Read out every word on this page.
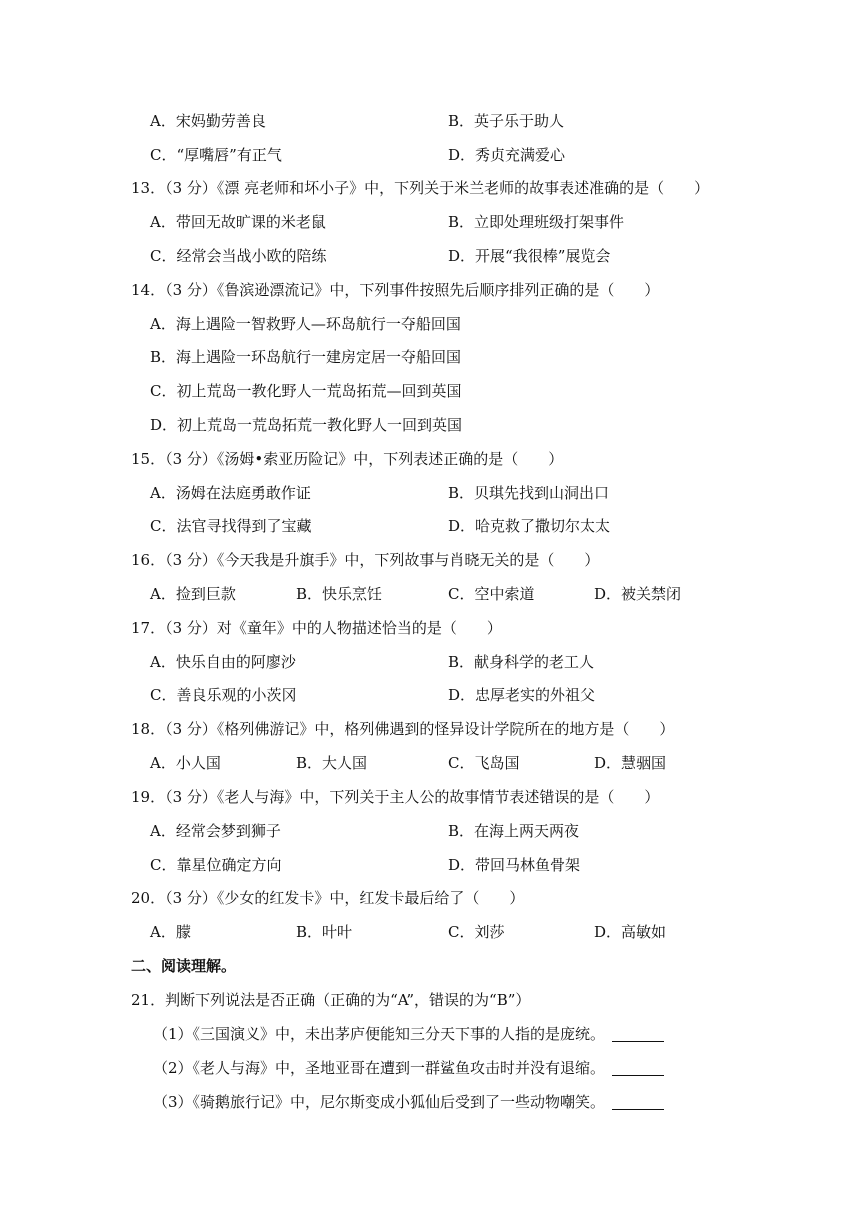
A．宋妈勤劳善良	B．英子乐于助人
C．“厚嘴唇”有正气	D．秀贞充满爱心
13．（3 分）《漂 亮老师和坏小子》中，下列关于米兰老师的故事表述准确的是（　　）
A．带回无故旷课的米老鼠	B．立即处理班级打架事件
C．经常会当战小欧的陪练	D．开展“我很棒”展览会
14．（3 分）《鲁滨逊漂流记》中，下列事件按照先后顺序排列正确的是（　　）
A．海上遇险一智救野人—环岛航行一夺船回国
B．海上遇险一环岛航行一建房定居一夺船回国
C．初上荒岛一教化野人一荒岛拓荒—回到英国
D．初上荒岛一荒岛拓荒一教化野人一回到英国
15．（3 分）《汤姆•索亚历险记》中，下列表述正确的是（　　）
A．汤姆在法庭勇敢作证	B．贝琪先找到山洞出口
C．法官寻找得到了宝藏	D．哈克救了撒切尔太太
16．（3 分）《今天我是升旗手》中，下列故事与肖晓无关的是（　　）
A．捡到巨款	B．快乐烹饪	C．空中索道	D．被关禁闭
17．（3 分）对《童年》中的人物描述恰当的是（　　）
A．快乐自由的阿廖沙	B．献身科学的老工人
C．善良乐观的小茨冈	D．忠厚老实的外祖父
18．（3 分）《格列佛游记》中，格列佛遇到的怪异设计学院所在的地方是（　　）
A．小人国	B．大人国	C．飞岛国	D．慧骃国
19．（3 分）《老人与海》中，下列关于主人公的故事情节表述错误的是（　　）
A．经常会梦到狮子	B．在海上两天两夜
C．靠星位确定方向	D．带回马林鱼骨架
20．（3 分）《少女的红发卡》中，红发卡最后给了（　　）
A．朦	B．叶叶	C．刘莎	D．高敏如
二、阅读理解。
21．判断下列说法是否正确（正确的为“A”，错误的为“B”）
（1）《三国演义》中，未出茅庐便能知三分天下事的人指的是庞统。
（2）《老人与海》中，圣地亚哥在遭到一群鲨鱼攻击时并没有退缩。
（3）《骑鹅旅行记》中，尼尔斯变成小狐仙后受到了一些动物嘲笑。
